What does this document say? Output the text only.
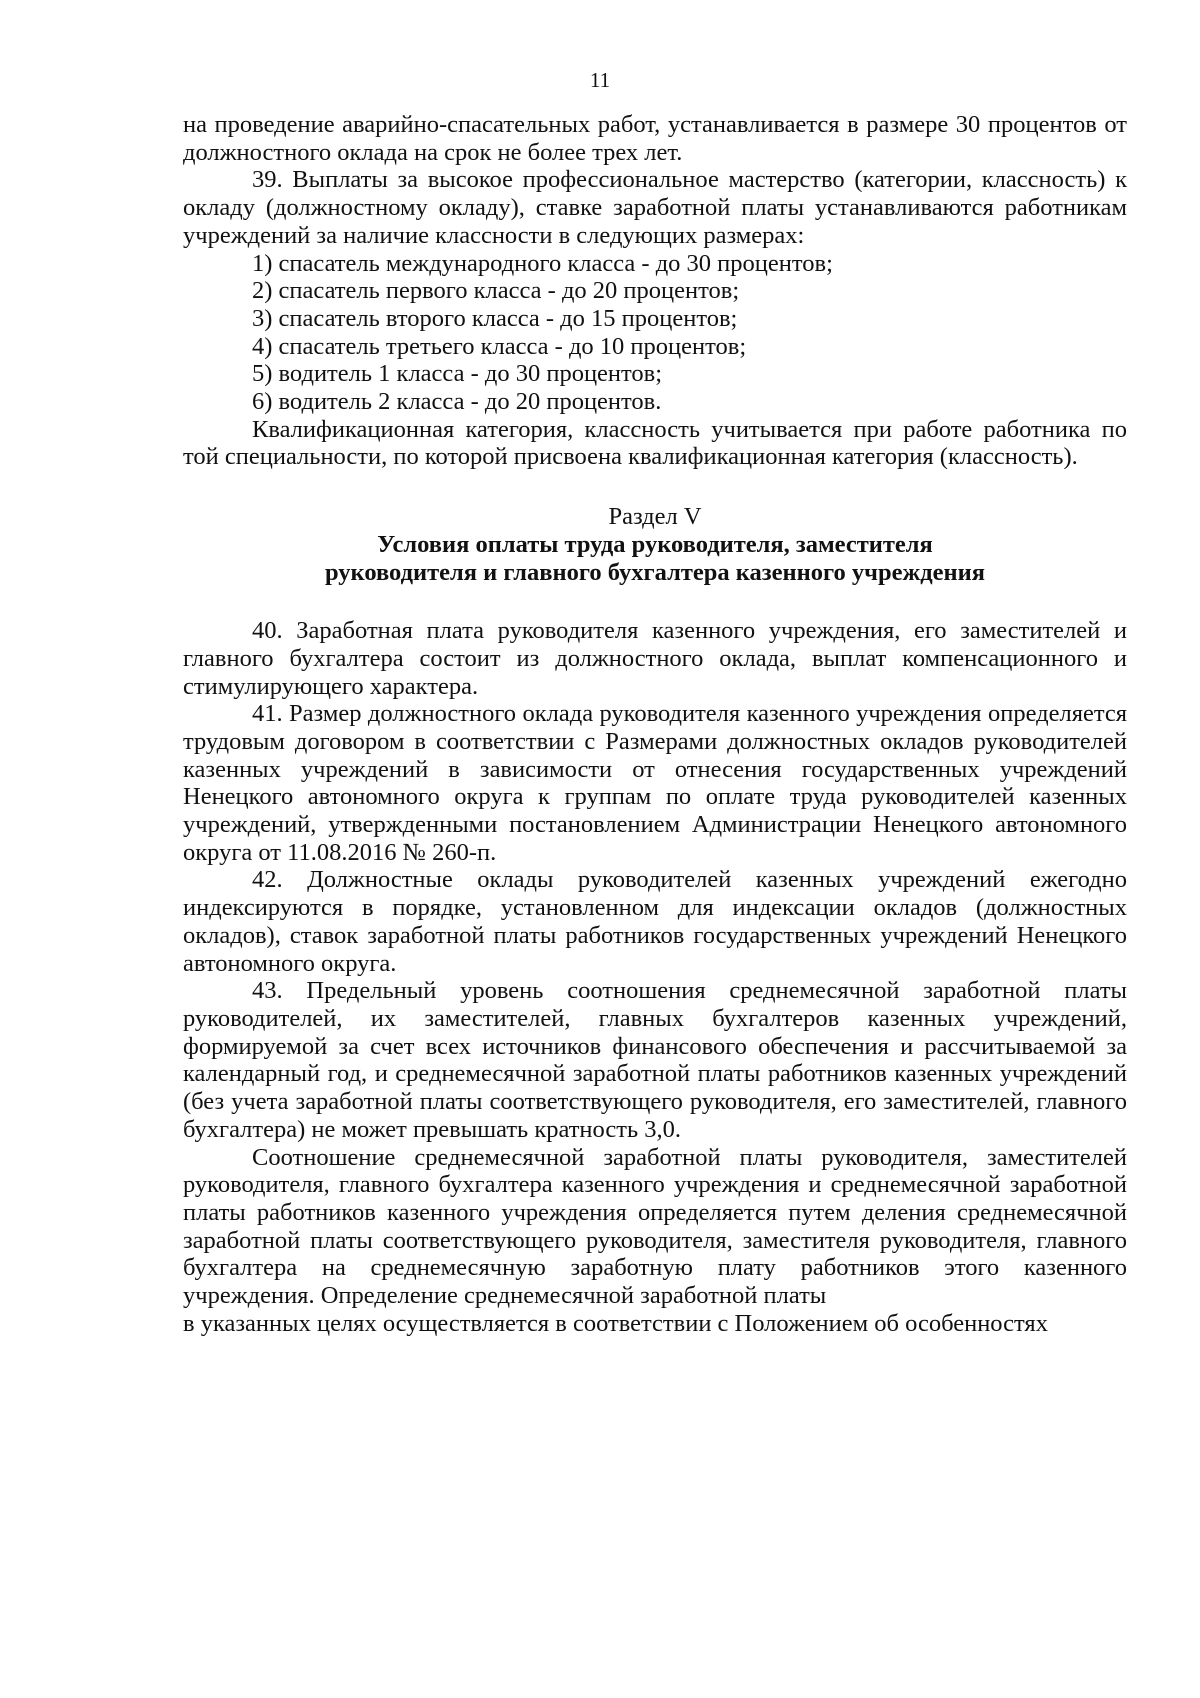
11

на проведение аварийно-спасательных работ, устанавливается в размере 30 процентов от должностного оклада на срок не более трех лет.

39. Выплаты за высокое профессиональное мастерство (категории, классность) к окладу (должностному окладу), ставке заработной платы устанавливаются работникам учреждений за наличие классности в следующих размерах:

1) спасатель международного класса - до 30 процентов;

2) спасатель первого класса - до 20 процентов;

3) спасатель второго класса - до 15 процентов;

4) спасатель третьего класса - до 10 процентов;

5) водитель 1 класса - до 30 процентов;

6) водитель 2 класса - до 20 процентов.

Квалификационная категория, классность учитывается при работе работника по той специальности, по которой присвоена квалификационная категория (классность).

Раздел V
Условия оплаты труда руководителя, заместителя
руководителя и главного бухгалтера казенного учреждения

40. Заработная плата руководителя казенного учреждения, его заместителей и главного бухгалтера состоит из должностного оклада, выплат компенсационного и стимулирующего характера.

41. Размер должностного оклада руководителя казенного учреждения определяется трудовым договором в соответствии с Размерами должностных окладов руководителей казенных учреждений в зависимости от отнесения государственных учреждений Ненецкого автономного округа к группам по оплате труда руководителей казенных учреждений, утвержденными постановлением Администрации Ненецкого автономного округа от 11.08.2016 № 260-п.

42. Должностные оклады руководителей казенных учреждений ежегодно индексируются в порядке, установленном для индексации окладов (должностных окладов), ставок заработной платы работников государственных учреждений Ненецкого автономного округа.

43. Предельный уровень соотношения среднемесячной заработной платы руководителей, их заместителей, главных бухгалтеров казенных учреждений, формируемой за счет всех источников финансового обеспечения и рассчитываемой за календарный год, и среднемесячной заработной платы работников казенных учреждений (без учета заработной платы соответствующего руководителя, его заместителей, главного бухгалтера) не может превышать кратность 3,0.

Соотношение среднемесячной заработной платы руководителя, заместителей руководителя, главного бухгалтера казенного учреждения и среднемесячной заработной платы работников казенного учреждения определяется путем деления среднемесячной заработной платы соответствующего руководителя, заместителя руководителя, главного бухгалтера на среднемесячную заработную плату работников этого казенного учреждения. Определение среднемесячной заработной платы

в указанных целях осуществляется в соответствии с Положением об особенностях
